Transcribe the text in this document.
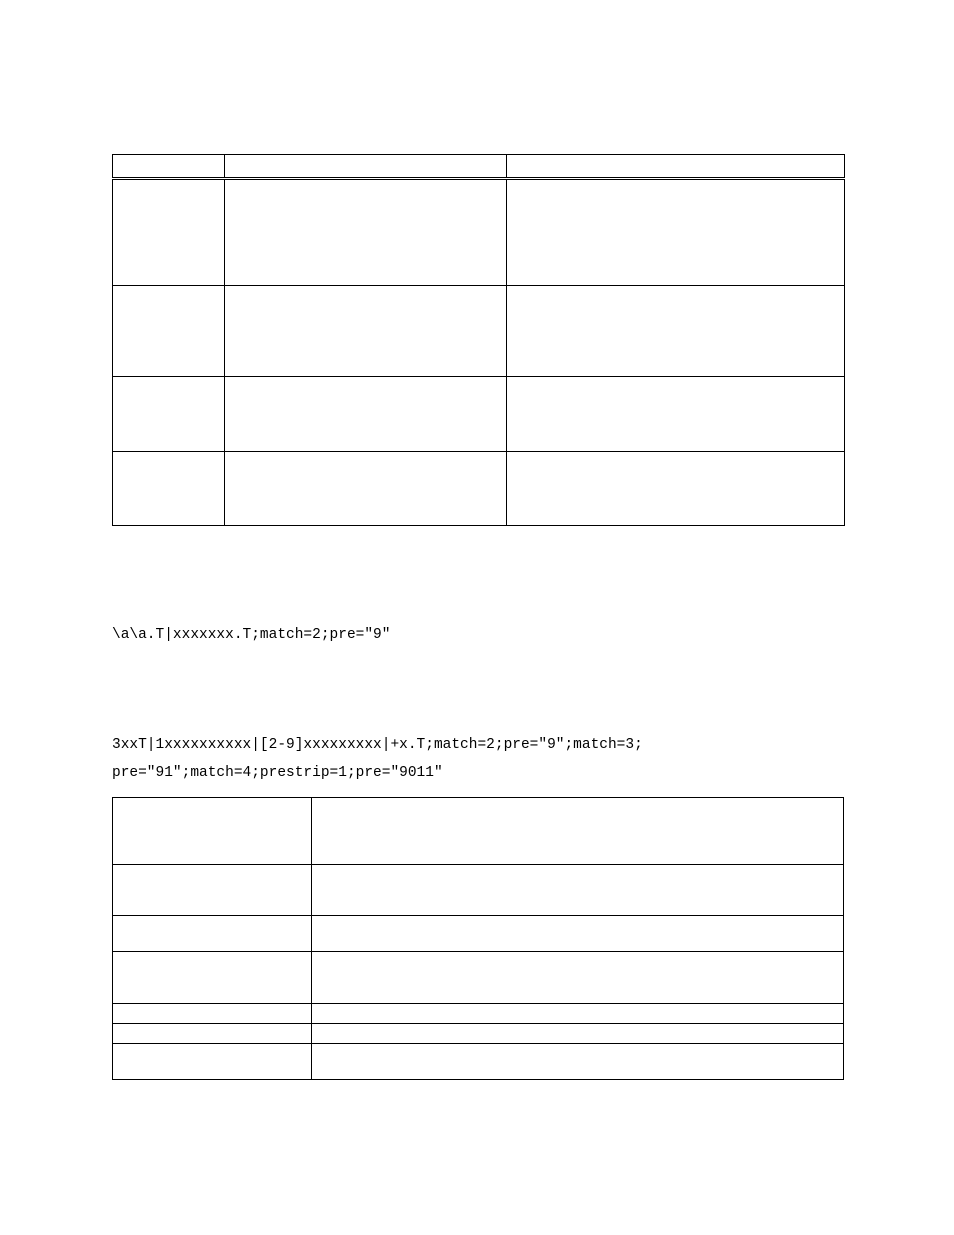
\a\a.T|xxxxxxx.T;match=2;pre="9"
3xxT|1xxxxxxxxxx|[2-9]xxxxxxxxx|+x.T;match=2;pre="9";match=3;
pre="91";match=4;prestrip=1;pre="9011"
